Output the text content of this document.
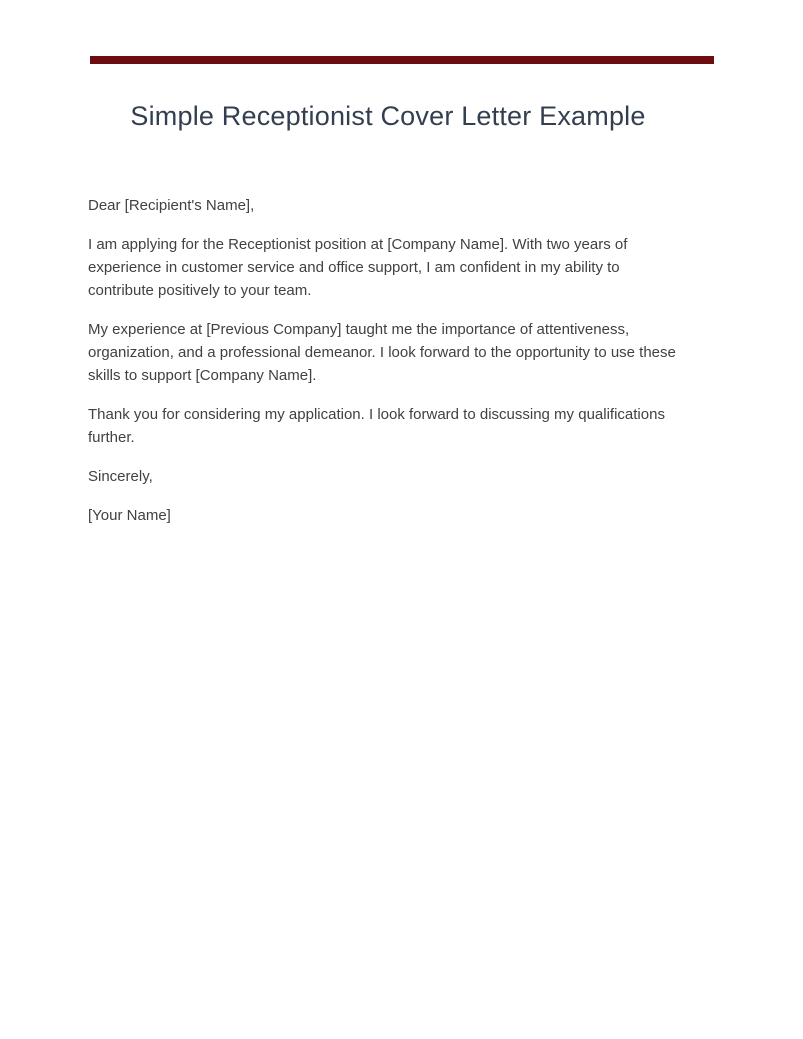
Simple Receptionist Cover Letter Example

Dear [Recipient's Name],

I am applying for the Receptionist position at [Company Name]. With two years of experience in customer service and office support, I am confident in my ability to contribute positively to your team.

My experience at [Previous Company] taught me the importance of attentiveness, organization, and a professional demeanor. I look forward to the opportunity to use these skills to support [Company Name].

Thank you for considering my application. I look forward to discussing my qualifications further.

Sincerely,

[Your Name]
